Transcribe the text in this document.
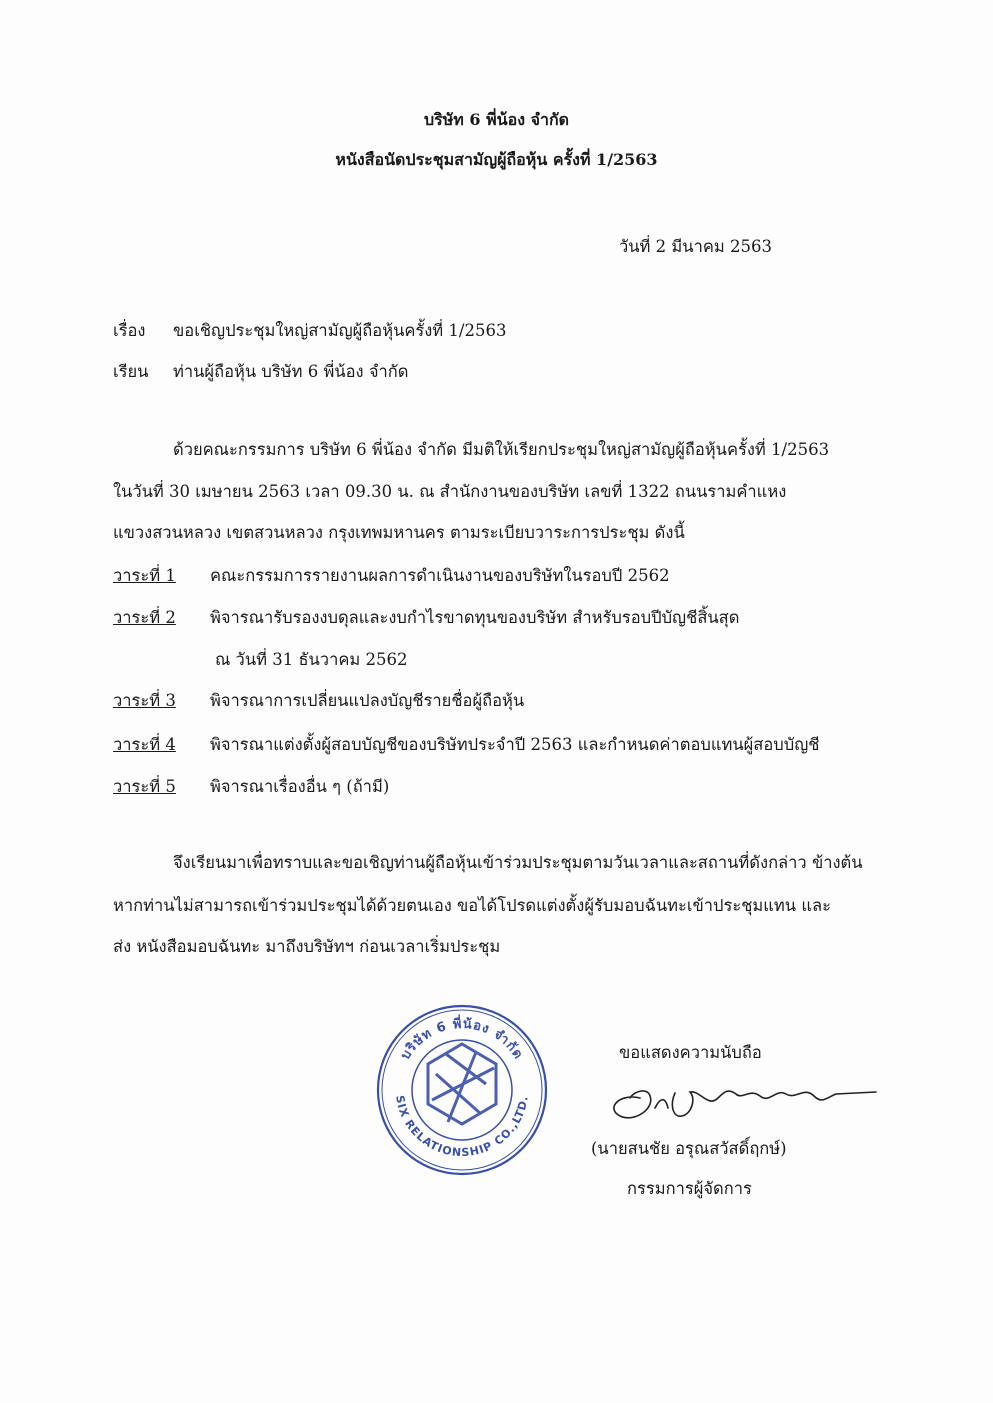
บริษัท 6 พี่น้อง จำกัด
หนังสือนัดประชุมสามัญผู้ถือหุ้น ครั้งที่ 1/2563
วันที่ 2 มีนาคม 2563
เรื่อง ขอเชิญประชุมใหญ่สามัญผู้ถือหุ้นครั้งที่ 1/2563
เรียน ท่านผู้ถือหุ้น บริษัท 6 พี่น้อง จำกัด
ด้วยคณะกรรมการ บริษัท 6 พี่น้อง จำกัด มีมติให้เรียกประชุมใหญ่สามัญผู้ถือหุ้นครั้งที่ 1/2563
ในวันที่ 30 เมษายน 2563 เวลา 09.30 น. ณ สำนักงานของบริษัท เลขที่ 1322 ถนนรามคำแหง
แขวงสวนหลวง เขตสวนหลวง กรุงเทพมหานคร ตามระเบียบวาระการประชุม ดังนี้
วาระที่ 1 คณะกรรมการรายงานผลการดำเนินงานของบริษัทในรอบปี 2562
วาระที่ 2 พิจารณารับรองงบดุลและงบกำไรขาดทุนของบริษัท สำหรับรอบปีบัญชีสิ้นสุด
ณ วันที่ 31 ธันวาคม 2562
วาระที่ 3 พิจารณาการเปลี่ยนแปลงบัญชีรายชื่อผู้ถือหุ้น
วาระที่ 4 พิจารณาแต่งตั้งผู้สอบบัญชีของบริษัทประจำปี 2563 และกำหนดค่าตอบแทนผู้สอบบัญชี
วาระที่ 5 พิจารณาเรื่องอื่น ๆ (ถ้ามี)
จึงเรียนมาเพื่อทราบและขอเชิญท่านผู้ถือหุ้นเข้าร่วมประชุมตามวันเวลาและสถานที่ดังกล่าว ข้างต้น
หากท่านไม่สามารถเข้าร่วมประชุมได้ด้วยตนเอง ขอได้โปรดแต่งตั้งผู้รับมอบฉันทะเข้าประชุมแทน และ
ส่ง หนังสือมอบฉันทะ มาถึงบริษัทฯ ก่อนเวลาเริ่มประชุม
บริษัท 6 พี่น้อง จำกัด
SIX RELATIONSHIP CO.,LTD.
ขอแสดงความนับถือ
(นายสนชัย อรุณสวัสดิ์ฤกษ์)
กรรมการผู้จัดการ
